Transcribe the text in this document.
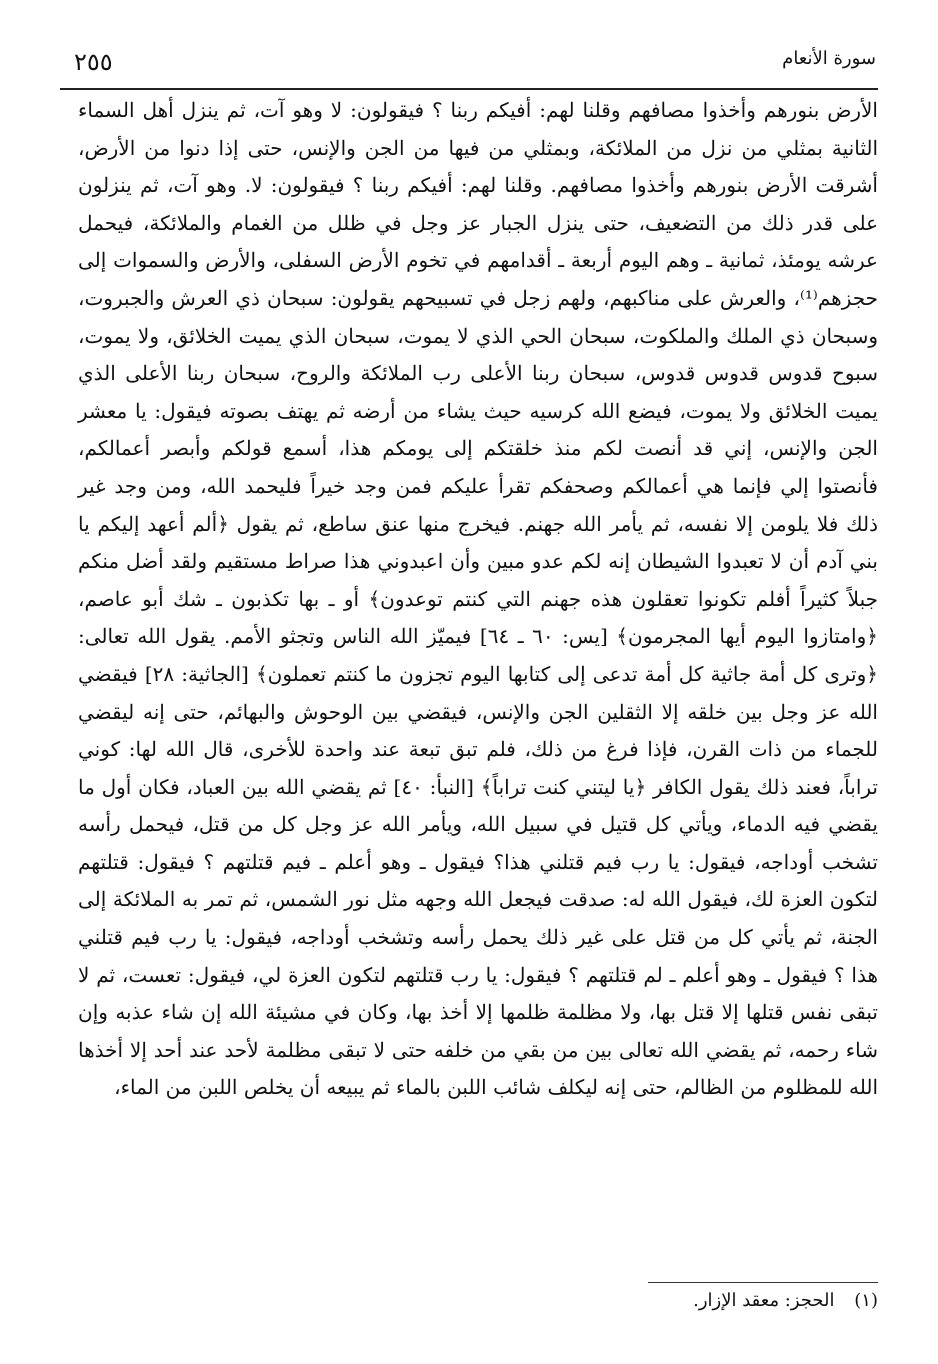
سورة الأنعام
٢٥٥

الأرض بنورهم وأخذوا مصافهم وقلنا لهم: أفيكم ربنا ؟ فيقولون: لا وهو آت، ثم ينزل أهل السماء الثانية بمثلي من نزل من الملائكة، وبمثلي من فيها من الجن والإنس، حتى إذا دنوا من الأرض، أشرقت الأرض بنورهم وأخذوا مصافهم. وقلنا لهم: أفيكم ربنا ؟ فيقولون: لا. وهو آت، ثم ينزلون على قدر ذلك من التضعيف، حتى ينزل الجبار عز وجل في ظلل من الغمام والملائكة، فيحمل عرشه يومئذ، ثمانية ـ وهم اليوم أربعة ـ أقدامهم في تخوم الأرض السفلى، والأرض والسموات إلى حجزهم⁽¹⁾، والعرش على مناكبهم، ولهم زجل في تسبيحهم يقولون: سبحان ذي العرش والجبروت، وسبحان ذي الملك والملكوت، سبحان الحي الذي لا يموت، سبحان الذي يميت الخلائق، ولا يموت، سبوح قدوس قدوس قدوس، سبحان ربنا الأعلى رب الملائكة والروح، سبحان ربنا الأعلى الذي يميت الخلائق ولا يموت، فيضع الله كرسيه حيث يشاء من أرضه ثم يهتف بصوته فيقول: يا معشر الجن والإنس، إني قد أنصت لكم منذ خلقتكم إلى يومكم هذا، أسمع قولكم وأبصر أعمالكم، فأنصتوا إلي فإنما هي أعمالكم وصحفكم تقرأ عليكم فمن وجد خيراً فليحمد الله، ومن وجد غير ذلك فلا يلومن إلا نفسه، ثم يأمر الله جهنم. فيخرج منها عنق ساطع، ثم يقول ﴿ألم أعهد إليكم يا بني آدم أن لا تعبدوا الشيطان إنه لكم عدو مبين وأن اعبدوني هذا صراط مستقيم ولقد أضل منكم جبلاً كثيراً أفلم تكونوا تعقلون هذه جهنم التي كنتم توعدون﴾ أو ـ بها تكذبون ـ شك أبو عاصم، ﴿وامتازوا اليوم أيها المجرمون﴾ [يس: ٦٠ ـ ٦٤] فيميّز الله الناس وتجثو الأمم. يقول الله تعالى: ﴿وترى كل أمة جاثية كل أمة تدعى إلى كتابها اليوم تجزون ما كنتم تعملون﴾ [الجاثية: ٢٨] فيقضي الله عز وجل بين خلقه إلا الثقلين الجن والإنس، فيقضي بين الوحوش والبهائم، حتى إنه ليقضي للجماء من ذات القرن، فإذا فرغ من ذلك، فلم تبق تبعة عند واحدة للأخرى، قال الله لها: كوني تراباً، فعند ذلك يقول الكافر ﴿يا ليتني كنت تراباً﴾ [النبأ: ٤٠] ثم يقضي الله بين العباد، فكان أول ما يقضي فيه الدماء، ويأتي كل قتيل في سبيل الله، ويأمر الله عز وجل كل من قتل، فيحمل رأسه تشخب أوداجه، فيقول: يا رب فيم قتلني هذا؟ فيقول ـ وهو أعلم ـ فيم قتلتهم ؟ فيقول: قتلتهم لتكون العزة لك، فيقول الله له: صدقت فيجعل الله وجهه مثل نور الشمس، ثم تمر به الملائكة إلى الجنة، ثم يأتي كل من قتل على غير ذلك يحمل رأسه وتشخب أوداجه، فيقول: يا رب فيم قتلني هذا ؟ فيقول ـ وهو أعلم ـ لم قتلتهم ؟ فيقول: يا رب قتلتهم لتكون العزة لي، فيقول: تعست، ثم لا تبقى نفس قتلها إلا قتل بها، ولا مظلمة ظلمها إلا أخذ بها، وكان في مشيئة الله إن شاء عذبه وإن شاء رحمه، ثم يقضي الله تعالى بين من بقي من خلفه حتى لا تبقى مظلمة لأحد عند أحد إلا أخذها الله للمظلوم من الظالم، حتى إنه ليكلف شائب اللبن بالماء ثم يبيعه أن يخلص اللبن من الماء،

(١) الحجز: معقد الإزار.
